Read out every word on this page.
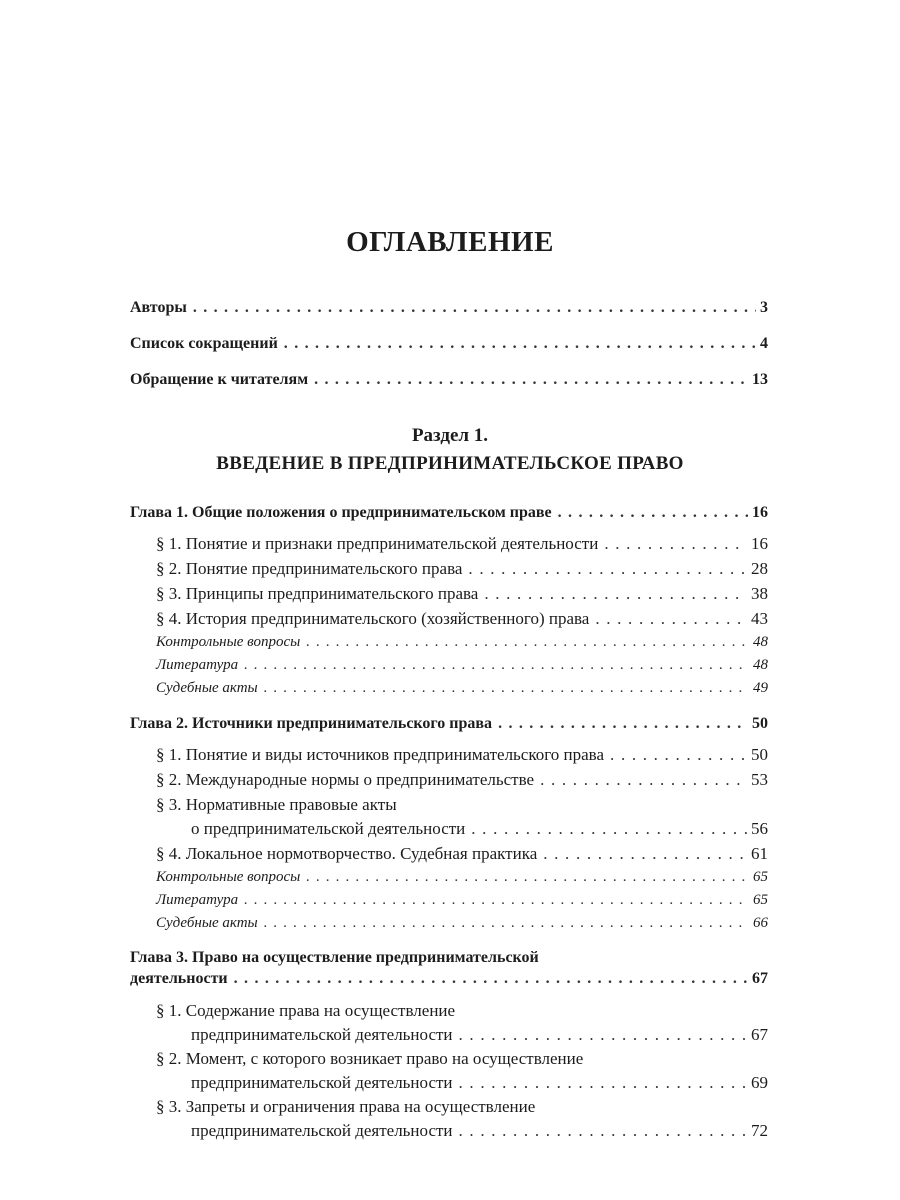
ОГЛАВЛЕНИЕ
Авторы . . .	3
Список сокращений . . .	4
Обращение к читателям . . .	13
Раздел 1.
ВВЕДЕНИЕ В ПРЕДПРИНИМАТЕЛЬСКОЕ ПРАВО
Глава 1. Общие положения о предпринимательском праве . . .	16
§ 1. Понятие и признаки предпринимательской деятельности . . .	16
§ 2. Понятие предпринимательского права . . .	28
§ 3. Принципы предпринимательского права . . .	38
§ 4. История предпринимательского (хозяйственного) права . . .	43
Контрольные вопросы . . .	48
Литература . . .	48
Судебные акты . . .	49
Глава 2. Источники предпринимательского права . . .	50
§ 1. Понятие и виды источников предпринимательского права . . .	50
§ 2. Международные нормы о предпринимательстве . . .	53
§ 3. Нормативные правовые акты
о предпринимательской деятельности . . .	56
§ 4. Локальное нормотворчество. Судебная практика . . .	61
Контрольные вопросы . . .	65
Литература . . .	65
Судебные акты . . .	66
Глава 3. Право на осуществление предпринимательской
деятельности . . .	67
§ 1. Содержание права на осуществление
предпринимательской деятельности . . .	67
§ 2. Момент, с которого возникает право на осуществление
предпринимательской деятельности . . .	69
§ 3. Запреты и ограничения права на осуществление
предпринимательской деятельности . . .	72
